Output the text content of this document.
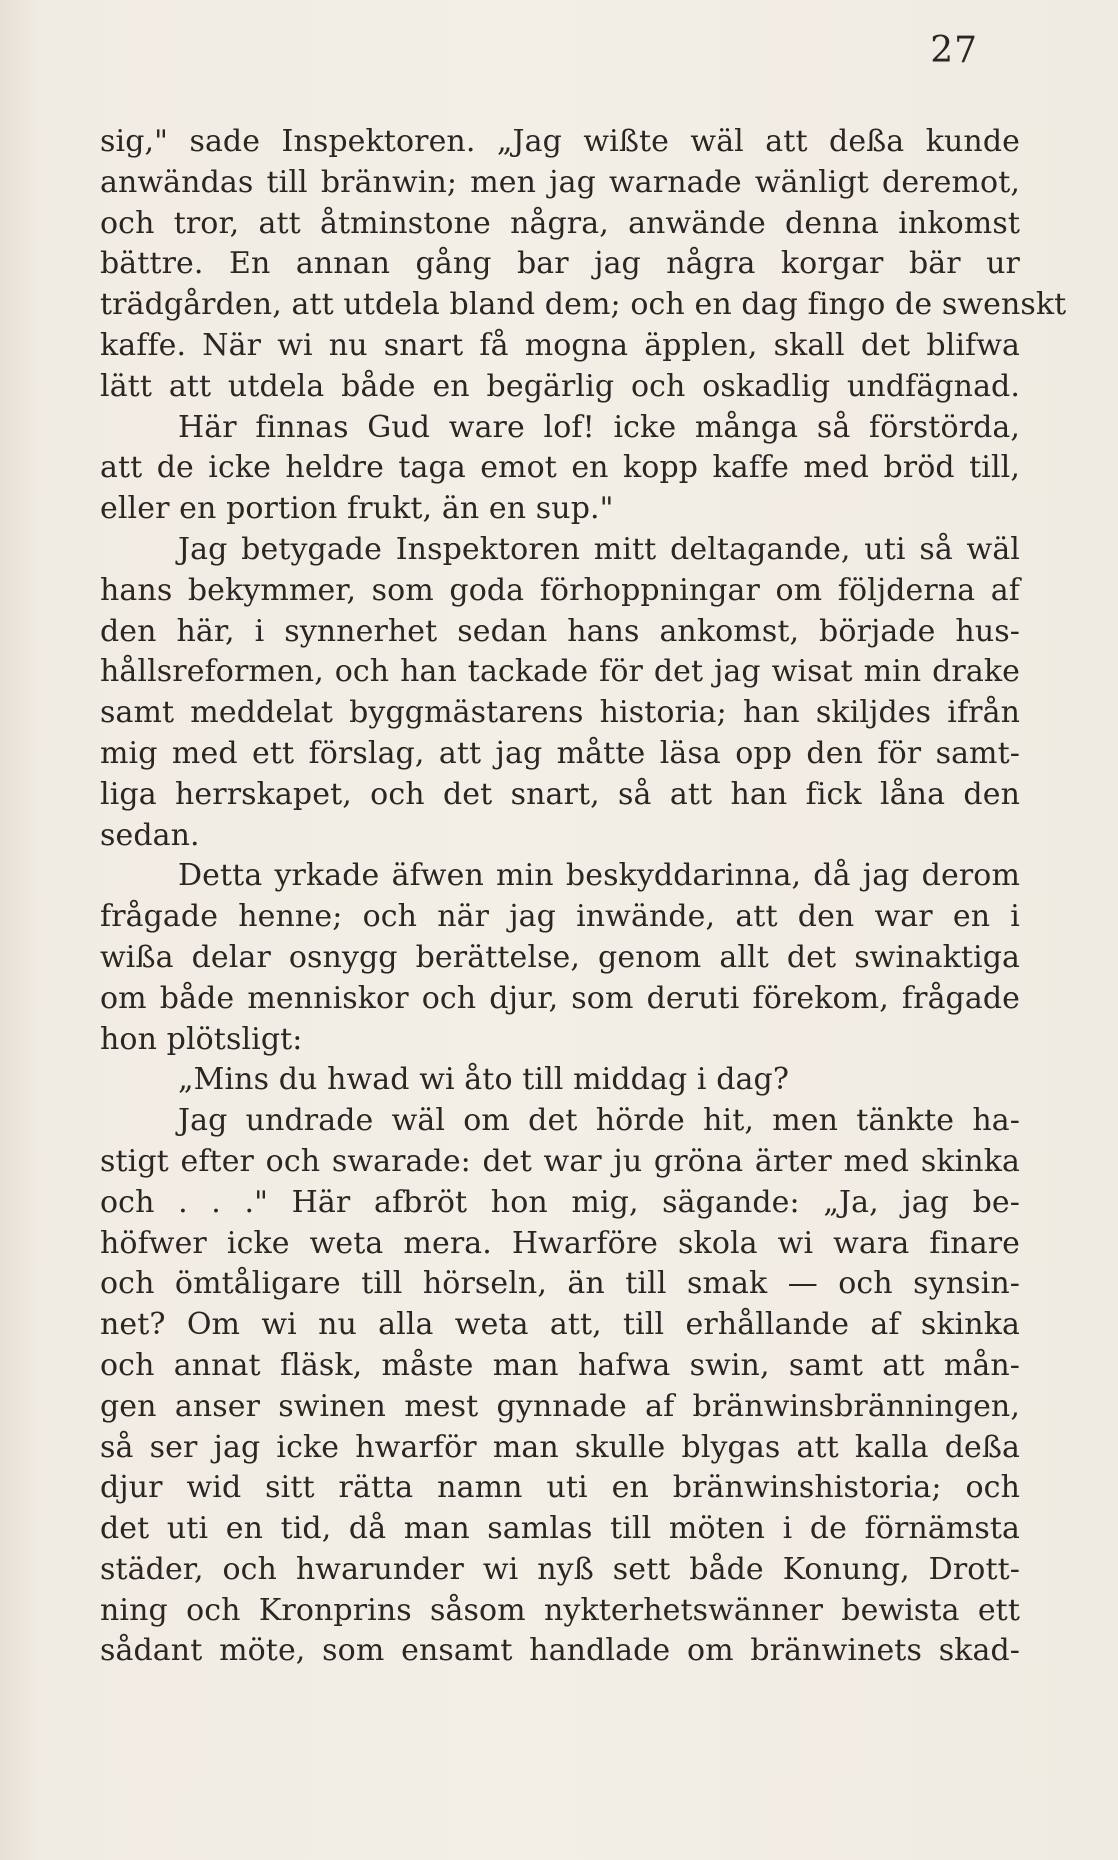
27
sig," sade Inspektoren. „Jag wißte wäl att deßa kunde
anwändas till bränwin; men jag warnade wänligt deremot,
och tror, att åtminstone några, anwände denna inkomst
bättre. En annan gång bar jag några korgar bär ur
trädgården, att utdela bland dem; och en dag fingo de swenskt
kaffe. När wi nu snart få mogna äpplen, skall det blifwa
lätt att utdela både en begärlig och oskadlig undfägnad.
Här finnas Gud ware lof! icke många så förstörda,
att de icke heldre taga emot en kopp kaffe med bröd till,
eller en portion frukt, än en sup."
Jag betygade Inspektoren mitt deltagande, uti så wäl
hans bekymmer, som goda förhoppningar om följderna af
den här, i synnerhet sedan hans ankomst, började hus-
hållsreformen, och han tackade för det jag wisat min drake
samt meddelat byggmästarens historia; han skiljdes ifrån
mig med ett förslag, att jag måtte läsa opp den för samt-
liga herrskapet, och det snart, så att han fick låna den
sedan.
Detta yrkade äfwen min beskyddarinna, då jag derom
frågade henne; och när jag inwände, att den war en i
wißa delar osnygg berättelse, genom allt det swinaktiga
om både menniskor och djur, som deruti förekom, frågade
hon plötsligt:
„Mins du hwad wi åto till middag i dag?
Jag undrade wäl om det hörde hit, men tänkte ha-
stigt efter och swarade: det war ju gröna ärter med skinka
och . . ." Här afbröt hon mig, sägande: „Ja, jag be-
höfwer icke weta mera. Hwarföre skola wi wara finare
och ömtåligare till hörseln, än till smak — och synsin-
net? Om wi nu alla weta att, till erhållande af skinka
och annat fläsk, måste man hafwa swin, samt att mån-
gen anser swinen mest gynnade af bränwinsbränningen,
så ser jag icke hwarför man skulle blygas att kalla deßa
djur wid sitt rätta namn uti en bränwinshistoria; och
det uti en tid, då man samlas till möten i de förnämsta
städer, och hwarunder wi nyß sett både Konung, Drott-
ning och Kronprins såsom nykterhetswänner bewista ett
sådant möte, som ensamt handlade om bränwinets skad-
